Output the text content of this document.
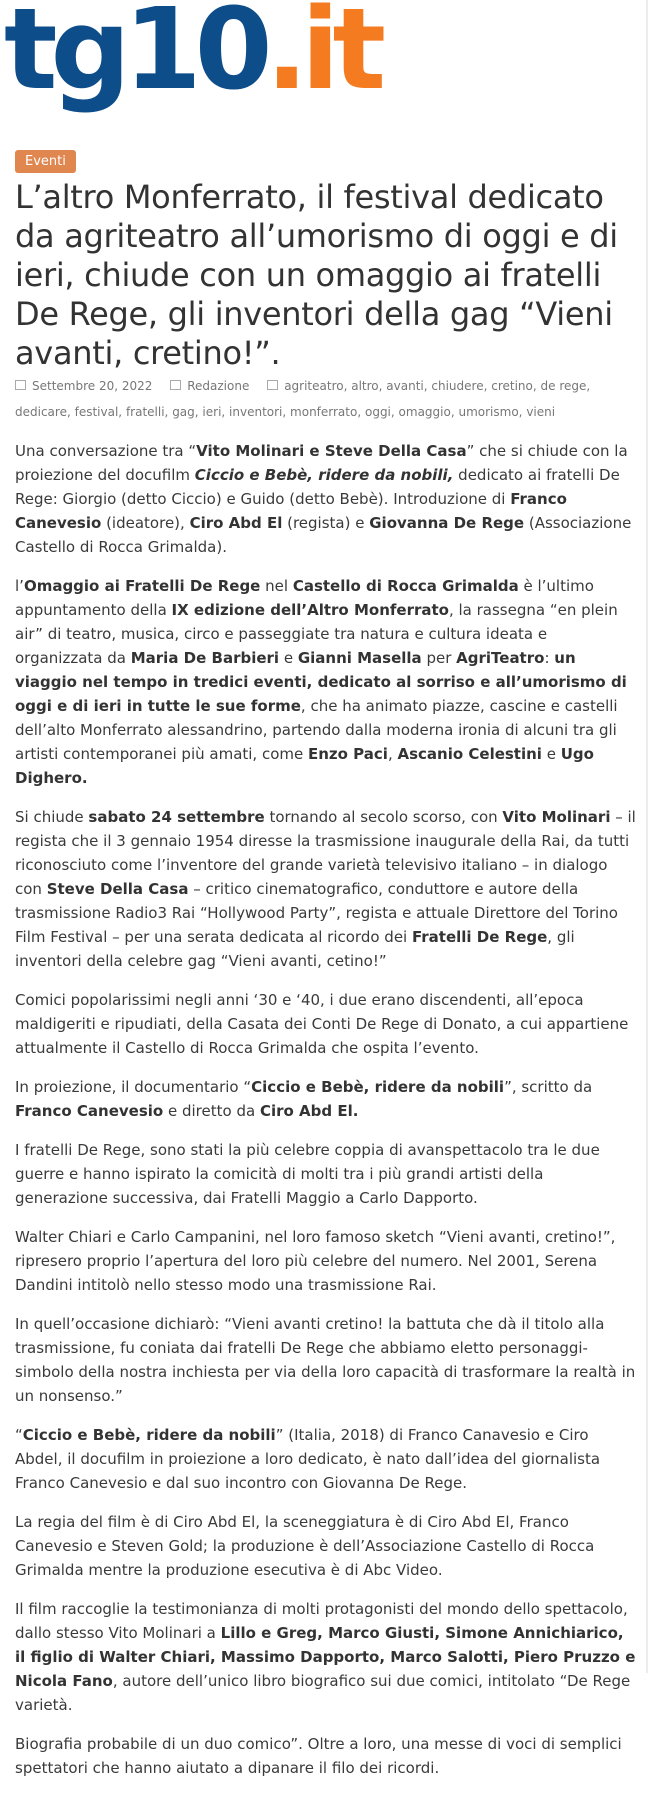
tg10.it
Eventi
L’altro Monferrato, il festival dedicato da agriteatro all’umorismo di oggi e di ieri, chiude con un omaggio ai fratelli De Rege, gli inventori della gag “Vieni avanti, cretino!”.
Settembre 20, 2022	Redazione	agriteatro, altro, avanti, chiudere, cretino, de rege, dedicare, festival, fratelli, gag, ieri, inventori, monferrato, oggi, omaggio, umorismo, vieni

Una conversazione tra “Vito Molinari e Steve Della Casa” che si chiude con la proiezione del docufilm Ciccio e Bebè, ridere da nobili, dedicato ai fratelli De Rege: Giorgio (detto Ciccio) e Guido (detto Bebè). Introduzione di Franco Canevesio (ideatore), Ciro Abd El (regista) e Giovanna De Rege (Associazione Castello di Rocca Grimalda).

l’Omaggio ai Fratelli De Rege nel Castello di Rocca Grimalda è l’ultimo appuntamento della IX edizione dell’Altro Monferrato, la rassegna “en plein air” di teatro, musica, circo e passeggiate tra natura e cultura ideata e organizzata da Maria De Barbieri e Gianni Masella per AgriTeatro: un viaggio nel tempo in tredici eventi, dedicato al sorriso e all’umorismo di oggi e di ieri in tutte le sue forme, che ha animato piazze, cascine e castelli dell’alto Monferrato alessandrino, partendo dalla moderna ironia di alcuni tra gli artisti contemporanei più amati, come Enzo Paci, Ascanio Celestini e Ugo Dighero.

Si chiude sabato 24 settembre tornando al secolo scorso, con Vito Molinari – il regista che il 3 gennaio 1954 diresse la trasmissione inaugurale della Rai, da tutti riconosciuto come l’inventore del grande varietà televisivo italiano – in dialogo con Steve Della Casa – critico cinematografico, conduttore e autore della trasmissione Radio3 Rai “Hollywood Party”, regista e attuale Direttore del Torino Film Festival – per una serata dedicata al ricordo dei Fratelli De Rege, gli inventori della celebre gag “Vieni avanti, cetino!”

Comici popolarissimi negli anni ‘30 e ‘40, i due erano discendenti, all’epoca maldigeriti e ripudiati, della Casata dei Conti De Rege di Donato, a cui appartiene attualmente il Castello di Rocca Grimalda che ospita l’evento.

In proiezione, il documentario “Ciccio e Bebè, ridere da nobili”, scritto da Franco Canevesio e diretto da Ciro Abd El.

I fratelli De Rege, sono stati la più celebre coppia di avanspettacolo tra le due guerre e hanno ispirato la comicità di molti tra i più grandi artisti della generazione successiva, dai Fratelli Maggio a Carlo Dapporto.

Walter Chiari e Carlo Campanini, nel loro famoso sketch “Vieni avanti, cretino!”, ripresero proprio l’apertura del loro più celebre del numero. Nel 2001, Serena Dandini intitolò nello stesso modo una trasmissione Rai.

In quell’occasione dichiarò: “Vieni avanti cretino! la battuta che dà il titolo alla trasmissione, fu coniata dai fratelli De Rege che abbiamo eletto personaggi-simbolo della nostra inchiesta per via della loro capacità di trasformare la realtà in un nonsenso.”

“Ciccio e Bebè, ridere da nobili” (Italia, 2018) di Franco Canavesio e Ciro Abdel, il docufilm in proiezione a loro dedicato, è nato dall’idea del giornalista Franco Canevesio e dal suo incontro con Giovanna De Rege.

La regia del film è di Ciro Abd El, la sceneggiatura è di Ciro Abd El, Franco Canevesio e Steven Gold; la produzione è dell’Associazione Castello di Rocca Grimalda mentre la produzione esecutiva è di Abc Video.

Il film raccoglie la testimonianza di molti protagonisti del mondo dello spettacolo, dallo stesso Vito Molinari a Lillo e Greg, Marco Giusti, Simone Annichiarico, il figlio di Walter Chiari, Massimo Dapporto, Marco Salotti, Piero Pruzzo e Nicola Fano, autore dell’unico libro biografico sui due comici, intitolato “De Rege varietà.

Biografia probabile di un duo comico”. Oltre a loro, una messe di voci di semplici spettatori che hanno aiutato a dipanare il filo dei ricordi.
